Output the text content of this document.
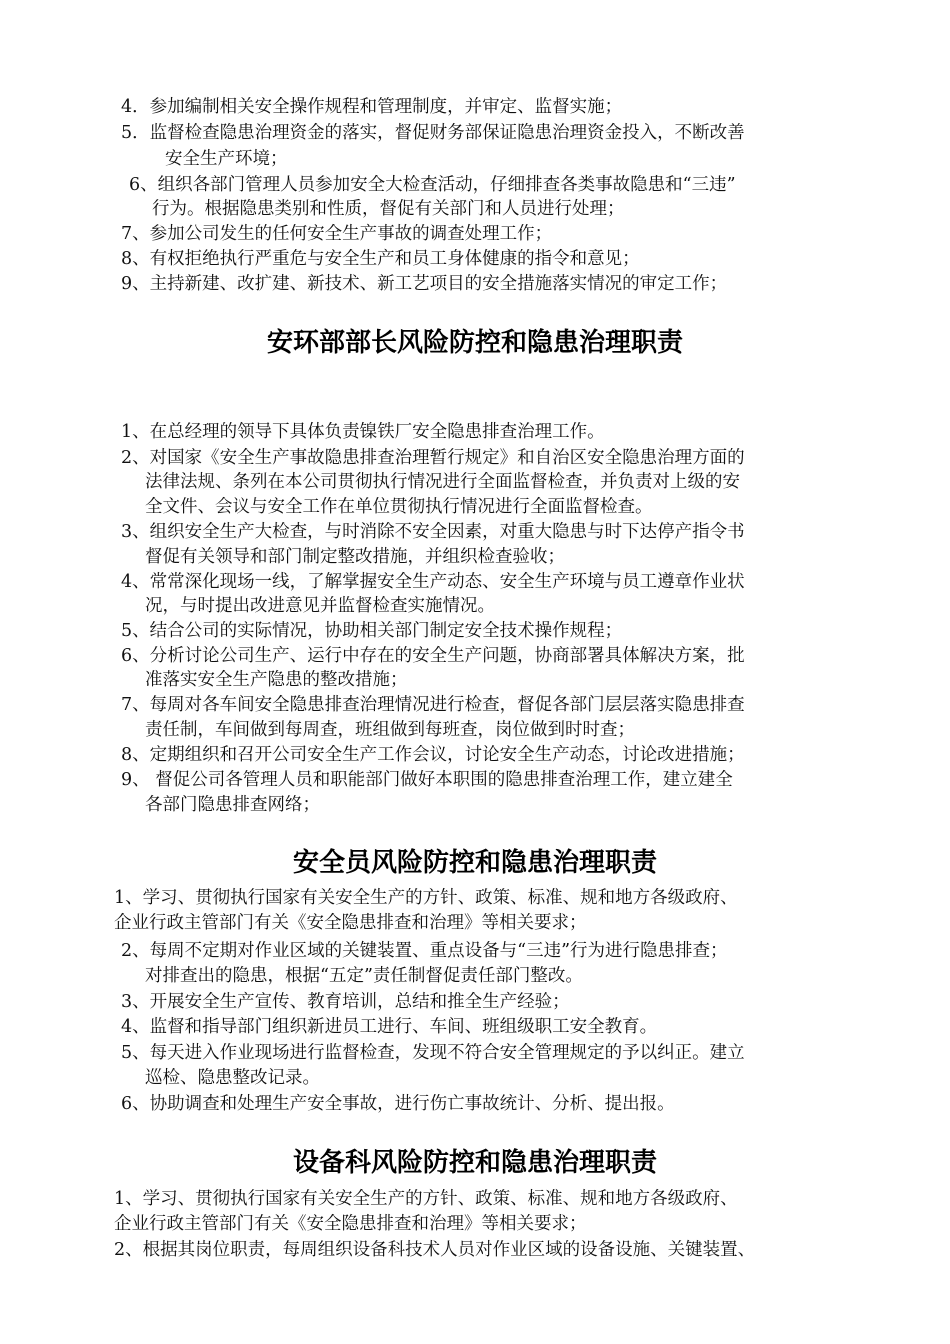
4．参加编制相关安全操作规程和管理制度，并审定、监督实施；
5．监督检查隐患治理资金的落实，督促财务部保证隐患治理资金投入，不断改善
安全生产环境；
6、组织各部门管理人员参加安全大检查活动，仔细排查各类事故隐患和“三违”
行为。根据隐患类别和性质，督促有关部门和人员进行处理；
7、参加公司发生的任何安全生产事故的调查处理工作；
8、有权拒绝执行严重危与安全生产和员工身体健康的指令和意见；
9、主持新建、改扩建、新技术、新工艺项目的安全措施落实情况的审定工作；
安环部部长风险防控和隐患治理职责
1、在总经理的领导下具体负责镍铁厂安全隐患排查治理工作。
2、对国家《安全生产事故隐患排查治理暂行规定》和自治区安全隐患治理方面的
法律法规、条列在本公司贯彻执行情况进行全面监督检查，并负责对上级的安
全文件、会议与安全工作在单位贯彻执行情况进行全面监督检查。
3、组织安全生产大检查，与时消除不安全因素，对重大隐患与时下达停产指令书
督促有关领导和部门制定整改措施，并组织检查验收；
4、常常深化现场一线，了解掌握安全生产动态、安全生产环境与员工遵章作业状
况，与时提出改进意见并监督检查实施情况。
5、结合公司的实际情况，协助相关部门制定安全技术操作规程；
6、分析讨论公司生产、运行中存在的安全生产问题，协商部署具体解决方案，批
准落实安全生产隐患的整改措施；
7、每周对各车间安全隐患排查治理情况进行检查，督促各部门层层落实隐患排查
责任制，车间做到每周查，班组做到每班查，岗位做到时时查；
8、定期组织和召开公司安全生产工作会议，讨论安全生产动态，讨论改进措施；
9、 督促公司各管理人员和职能部门做好本职围的隐患排查治理工作，建立建全
各部门隐患排查网络；
安全员风险防控和隐患治理职责
1、学习、贯彻执行国家有关安全生产的方针、政策、标准、规和地方各级政府、
企业行政主管部门有关《安全隐患排查和治理》等相关要求；
2、每周不定期对作业区域的关键装置、重点设备与“三违”行为进行隐患排查；
对排查出的隐患，根据“五定”责任制督促责任部门整改。
3、开展安全生产宣传、教育培训，总结和推全生产经验；
4、监督和指导部门组织新进员工进行、车间、班组级职工安全教育。
5、每天进入作业现场进行监督检查，发现不符合安全管理规定的予以纠正。建立
巡检、隐患整改记录。
6、协助调查和处理生产安全事故，进行伤亡事故统计、分析、提出报。
设备科风险防控和隐患治理职责
1、学习、贯彻执行国家有关安全生产的方针、政策、标准、规和地方各级政府、
企业行政主管部门有关《安全隐患排查和治理》等相关要求；
2、根据其岗位职责，每周组织设备科技术人员对作业区域的设备设施、关键装置、
